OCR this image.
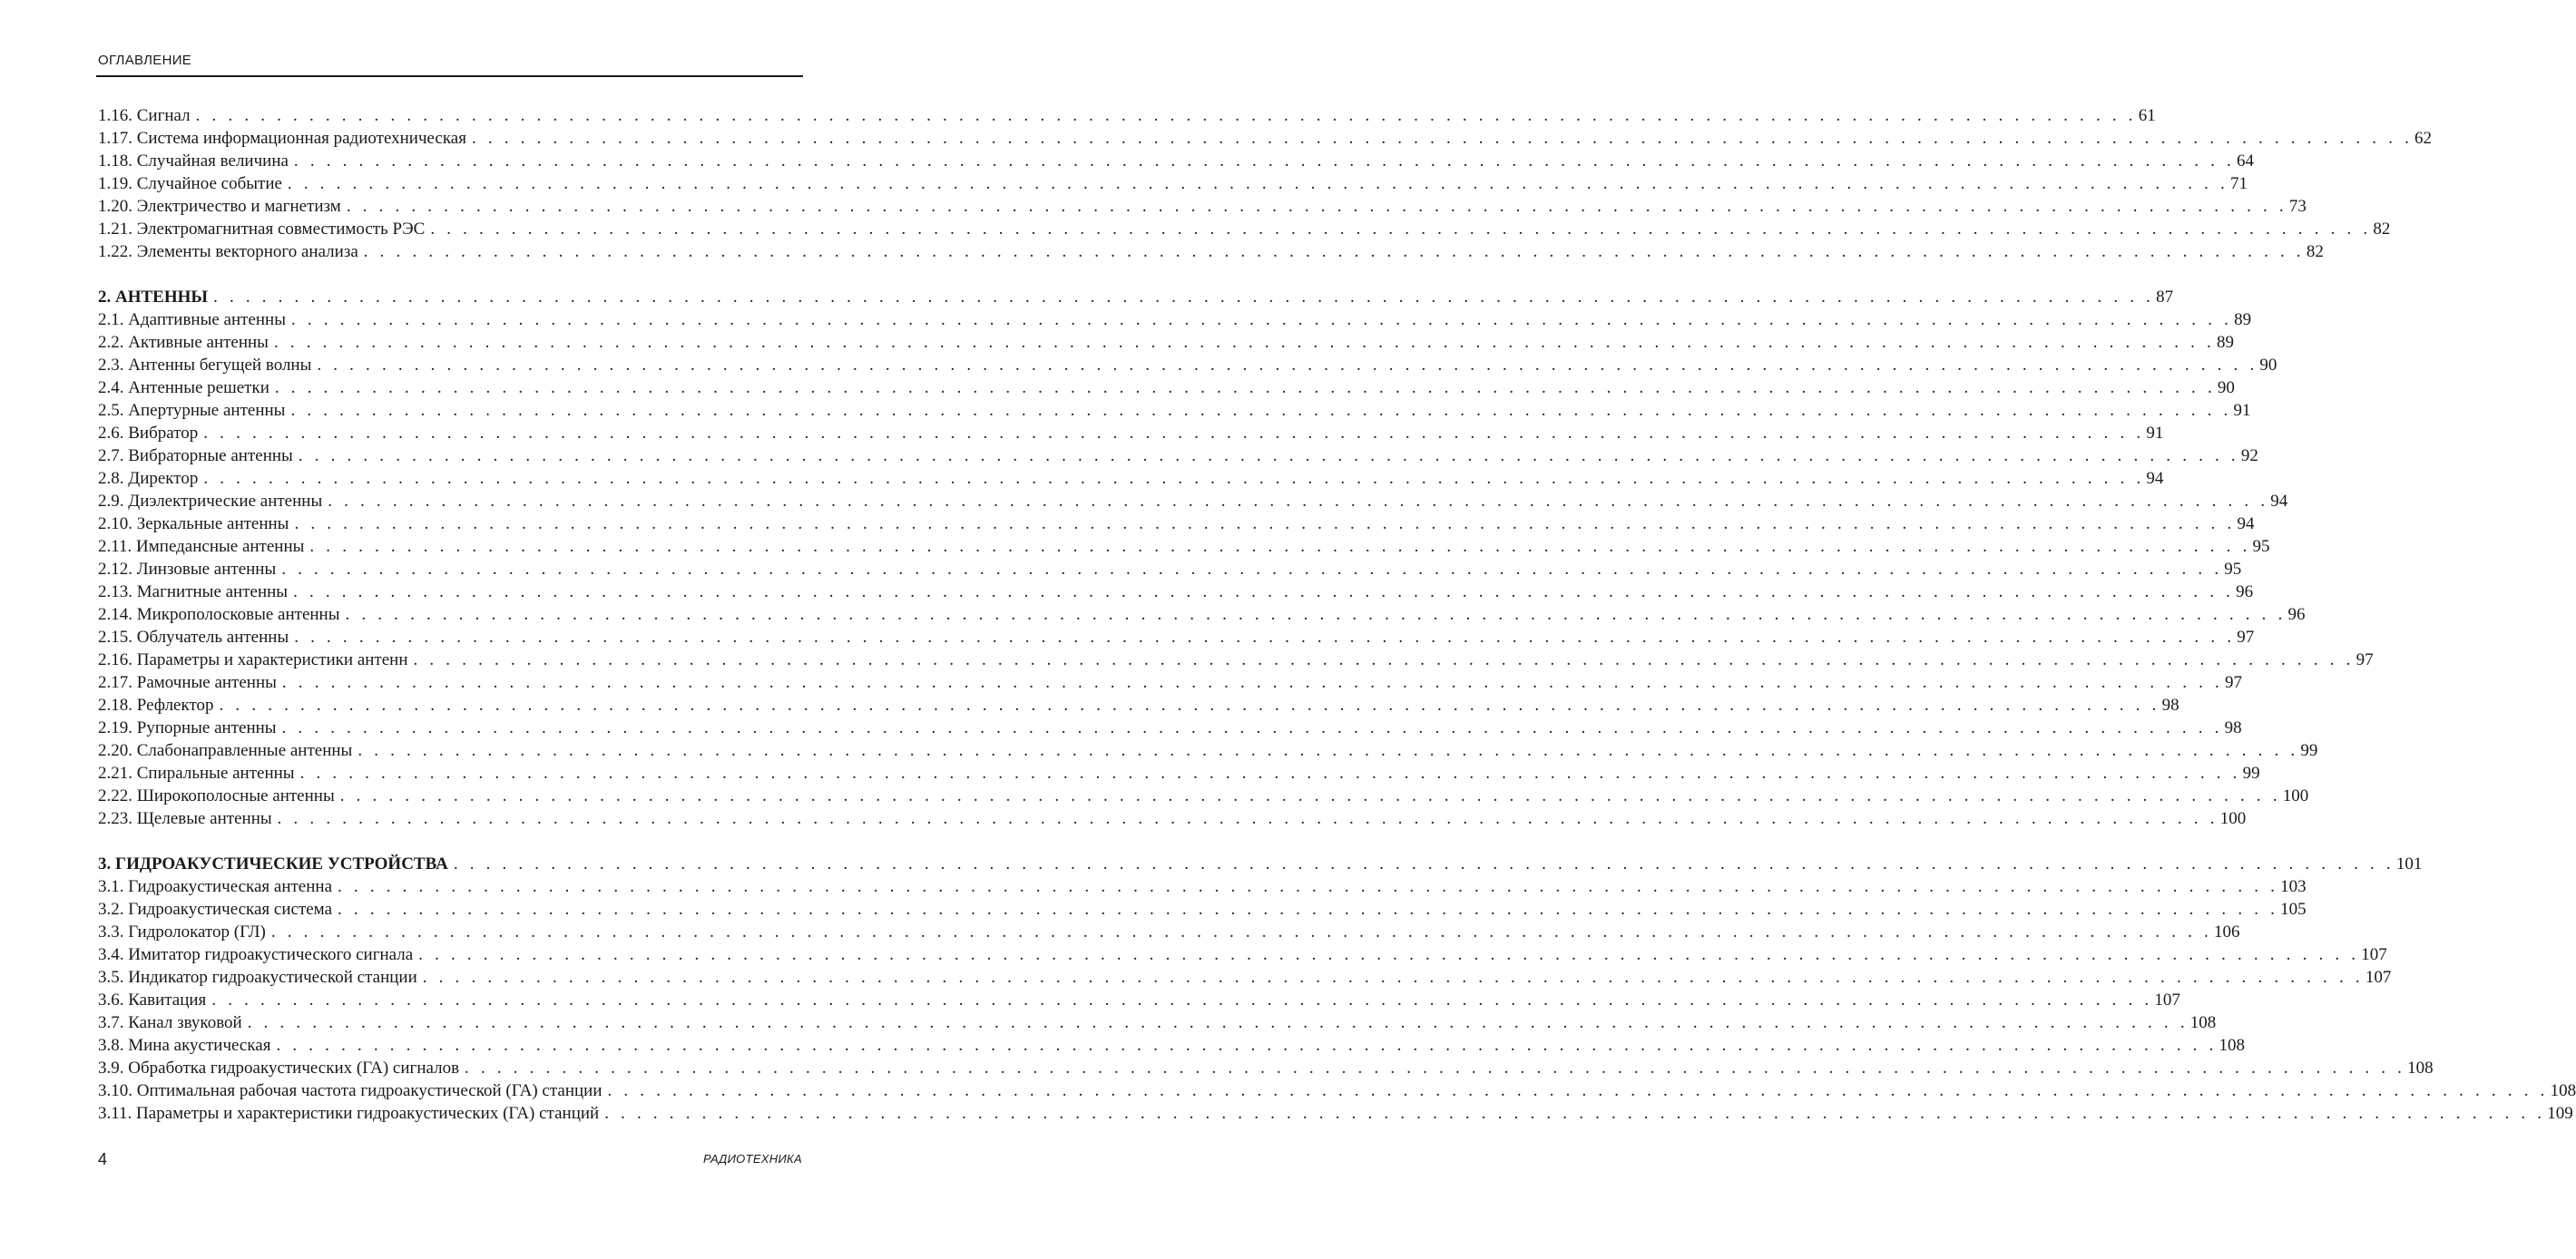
ОГЛАВЛЕНИЕ
1.16. Сигнал . . . . . . . . . . . . . . . . . . . . . . . . . . . . . . . . . . . . . . . . . . . . . . . . . . . . . . . . . . . . . . . . . . . . . . . . . . . . . . . . . . . . . . . . . . . . . . . . . . . . . . . . . . . . . . . . . . . . . . . . 61
1.17. Система информационная радиотехническая . . . . . . . . . . . . . . . . . . . . . . . . . . . . . . . . . . . . . . . . . . . . . . . . . . . . . . . . . . . . . . . . . . . . . . . . . . . . . . . . . . . . . . . . . . . . . . . . . . . . . . . . . . . . . . . . . . . . . . . . 62
1.18. Случайная величина . . . . . . . . . . . . . . . . . . . . . . . . . . . . . . . . . . . . . . . . . . . . . . . . . . . . . . . . . . . . . . . . . . . . . . . . . . . . . . . . . . . . . . . . . . . . . . . . . . . . . . . . . . . . . . . . . . . . . . . . 64
1.19. Случайное событие . . . . . . . . . . . . . . . . . . . . . . . . . . . . . . . . . . . . . . . . . . . . . . . . . . . . . . . . . . . . . . . . . . . . . . . . . . . . . . . . . . . . . . . . . . . . . . . . . . . . . . . . . . . . . . . . . . . . . . . . 71
1.20. Электричество и магнетизм . . . . . . . . . . . . . . . . . . . . . . . . . . . . . . . . . . . . . . . . . . . . . . . . . . . . . . . . . . . . . . . . . . . . . . . . . . . . . . . . . . . . . . . . . . . . . . . . . . . . . . . . . . . . . . . . . . . . . . . . 73
1.21. Электромагнитная совместимость РЭС . . . . . . . . . . . . . . . . . . . . . . . . . . . . . . . . . . . . . . . . . . . . . . . . . . . . . . . . . . . . . . . . . . . . . . . . . . . . . . . . . . . . . . . . . . . . . . . . . . . . . . . . . . . . . . . . . . . . . . . . 82
1.22. Элементы векторного анализа . . . . . . . . . . . . . . . . . . . . . . . . . . . . . . . . . . . . . . . . . . . . . . . . . . . . . . . . . . . . . . . . . . . . . . . . . . . . . . . . . . . . . . . . . . . . . . . . . . . . . . . . . . . . . . . . . . . . . . . . 82
2. АНТЕННЫ . . . . . . . . . . . . . . . . . . . . . . . . . . . . . . . . . . . . . . . . . . . . . . . . . . . . . . . . . . . . . . . . . . . . . . . . . . . . . . . . . . . . . . . . . . . . . . . . . . . . . . . . . . . . . . . . . . . . . . . . 87
2.1. Адаптивные антенны . . . . . . . . . . . . . . . . . . . . . . . . . . . . . . . . . . . . . . . . . . . . . . . . . . . . . . . . . . . . . . . . . . . . . . . . . . . . . . . . . . . . . . . . . . . . . . . . . . . . . . . . . . . . . . . . . . . . . . . . 89
2.2. Активные антенны . . . . . . . . . . . . . . . . . . . . . . . . . . . . . . . . . . . . . . . . . . . . . . . . . . . . . . . . . . . . . . . . . . . . . . . . . . . . . . . . . . . . . . . . . . . . . . . . . . . . . . . . . . . . . . . . . . . . . . . . 89
2.3. Антенны бегущей волны . . . . . . . . . . . . . . . . . . . . . . . . . . . . . . . . . . . . . . . . . . . . . . . . . . . . . . . . . . . . . . . . . . . . . . . . . . . . . . . . . . . . . . . . . . . . . . . . . . . . . . . . . . . . . . . . . . . . . . . . 90
2.4. Антенные решетки . . . . . . . . . . . . . . . . . . . . . . . . . . . . . . . . . . . . . . . . . . . . . . . . . . . . . . . . . . . . . . . . . . . . . . . . . . . . . . . . . . . . . . . . . . . . . . . . . . . . . . . . . . . . . . . . . . . . . . . . 90
2.5. Апертурные антенны . . . . . . . . . . . . . . . . . . . . . . . . . . . . . . . . . . . . . . . . . . . . . . . . . . . . . . . . . . . . . . . . . . . . . . . . . . . . . . . . . . . . . . . . . . . . . . . . . . . . . . . . . . . . . . . . . . . . . . . . 91
2.6. Вибратор . . . . . . . . . . . . . . . . . . . . . . . . . . . . . . . . . . . . . . . . . . . . . . . . . . . . . . . . . . . . . . . . . . . . . . . . . . . . . . . . . . . . . . . . . . . . . . . . . . . . . . . . . . . . . . . . . . . . . . . . 91
2.7. Вибраторные антенны . . . . . . . . . . . . . . . . . . . . . . . . . . . . . . . . . . . . . . . . . . . . . . . . . . . . . . . . . . . . . . . . . . . . . . . . . . . . . . . . . . . . . . . . . . . . . . . . . . . . . . . . . . . . . . . . . . . . . . . . 92
2.8. Директор . . . . . . . . . . . . . . . . . . . . . . . . . . . . . . . . . . . . . . . . . . . . . . . . . . . . . . . . . . . . . . . . . . . . . . . . . . . . . . . . . . . . . . . . . . . . . . . . . . . . . . . . . . . . . . . . . . . . . . . . 94
2.9. Диэлектрические антенны . . . . . . . . . . . . . . . . . . . . . . . . . . . . . . . . . . . . . . . . . . . . . . . . . . . . . . . . . . . . . . . . . . . . . . . . . . . . . . . . . . . . . . . . . . . . . . . . . . . . . . . . . . . . . . . . . . . . . . . . 94
2.10. Зеркальные антенны . . . . . . . . . . . . . . . . . . . . . . . . . . . . . . . . . . . . . . . . . . . . . . . . . . . . . . . . . . . . . . . . . . . . . . . . . . . . . . . . . . . . . . . . . . . . . . . . . . . . . . . . . . . . . . . . . . . . . . . . 94
2.11. Импедансные антенны . . . . . . . . . . . . . . . . . . . . . . . . . . . . . . . . . . . . . . . . . . . . . . . . . . . . . . . . . . . . . . . . . . . . . . . . . . . . . . . . . . . . . . . . . . . . . . . . . . . . . . . . . . . . . . . . . . . . . . . . 95
2.12. Линзовые антенны . . . . . . . . . . . . . . . . . . . . . . . . . . . . . . . . . . . . . . . . . . . . . . . . . . . . . . . . . . . . . . . . . . . . . . . . . . . . . . . . . . . . . . . . . . . . . . . . . . . . . . . . . . . . . . . . . . . . . . . . 95
2.13. Магнитные антенны . . . . . . . . . . . . . . . . . . . . . . . . . . . . . . . . . . . . . . . . . . . . . . . . . . . . . . . . . . . . . . . . . . . . . . . . . . . . . . . . . . . . . . . . . . . . . . . . . . . . . . . . . . . . . . . . . . . . . . . . 96
2.14. Микрополосковые антенны . . . . . . . . . . . . . . . . . . . . . . . . . . . . . . . . . . . . . . . . . . . . . . . . . . . . . . . . . . . . . . . . . . . . . . . . . . . . . . . . . . . . . . . . . . . . . . . . . . . . . . . . . . . . . . . . . . . . . . . . 96
2.15. Облучатель антенны . . . . . . . . . . . . . . . . . . . . . . . . . . . . . . . . . . . . . . . . . . . . . . . . . . . . . . . . . . . . . . . . . . . . . . . . . . . . . . . . . . . . . . . . . . . . . . . . . . . . . . . . . . . . . . . . . . . . . . . . 97
2.16. Параметры и характеристики антенн . . . . . . . . . . . . . . . . . . . . . . . . . . . . . . . . . . . . . . . . . . . . . . . . . . . . . . . . . . . . . . . . . . . . . . . . . . . . . . . . . . . . . . . . . . . . . . . . . . . . . . . . . . . . . . . . . . . . . . . . 97
2.17. Рамочные антенны . . . . . . . . . . . . . . . . . . . . . . . . . . . . . . . . . . . . . . . . . . . . . . . . . . . . . . . . . . . . . . . . . . . . . . . . . . . . . . . . . . . . . . . . . . . . . . . . . . . . . . . . . . . . . . . . . . . . . . . . 97
2.18. Рефлектор . . . . . . . . . . . . . . . . . . . . . . . . . . . . . . . . . . . . . . . . . . . . . . . . . . . . . . . . . . . . . . . . . . . . . . . . . . . . . . . . . . . . . . . . . . . . . . . . . . . . . . . . . . . . . . . . . . . . . . . . 98
2.19. Рупорные антенны . . . . . . . . . . . . . . . . . . . . . . . . . . . . . . . . . . . . . . . . . . . . . . . . . . . . . . . . . . . . . . . . . . . . . . . . . . . . . . . . . . . . . . . . . . . . . . . . . . . . . . . . . . . . . . . . . . . . . . . . 98
2.20. Слабонаправленные антенны . . . . . . . . . . . . . . . . . . . . . . . . . . . . . . . . . . . . . . . . . . . . . . . . . . . . . . . . . . . . . . . . . . . . . . . . . . . . . . . . . . . . . . . . . . . . . . . . . . . . . . . . . . . . . . . . . . . . . . . . 99
2.21. Спиральные антенны . . . . . . . . . . . . . . . . . . . . . . . . . . . . . . . . . . . . . . . . . . . . . . . . . . . . . . . . . . . . . . . . . . . . . . . . . . . . . . . . . . . . . . . . . . . . . . . . . . . . . . . . . . . . . . . . . . . . . . . . 99
2.22. Широкополосные антенны . . . . . . . . . . . . . . . . . . . . . . . . . . . . . . . . . . . . . . . . . . . . . . . . . . . . . . . . . . . . . . . . . . . . . . . . . . . . . . . . . . . . . . . . . . . . . . . . . . . . . . . . . . . . . . . . . . . . . . . . 100
2.23. Щелевые антенны . . . . . . . . . . . . . . . . . . . . . . . . . . . . . . . . . . . . . . . . . . . . . . . . . . . . . . . . . . . . . . . . . . . . . . . . . . . . . . . . . . . . . . . . . . . . . . . . . . . . . . . . . . . . . . . . . . . . . . . . 100
3. ГИДРОАКУСТИЧЕСКИЕ УСТРОЙСТВА . . . . . . . . . . . . . . . . . . . . . . . . . . . . . . . . . . . . . . . . . . . . . . . . . . . . . . . . . . . . . . . . . . . . . . . . . . . . . . . . . . . . . . . . . . . . . . . . . . . . . . . . . . . . . . . . . . . . . . . . 101
3.1. Гидроакустическая антенна . . . . . . . . . . . . . . . . . . . . . . . . . . . . . . . . . . . . . . . . . . . . . . . . . . . . . . . . . . . . . . . . . . . . . . . . . . . . . . . . . . . . . . . . . . . . . . . . . . . . . . . . . . . . . . . . . . . . . . . . 103
3.2. Гидроакустическая система . . . . . . . . . . . . . . . . . . . . . . . . . . . . . . . . . . . . . . . . . . . . . . . . . . . . . . . . . . . . . . . . . . . . . . . . . . . . . . . . . . . . . . . . . . . . . . . . . . . . . . . . . . . . . . . . . . . . . . . . 105
3.3. Гидролокатор (ГЛ) . . . . . . . . . . . . . . . . . . . . . . . . . . . . . . . . . . . . . . . . . . . . . . . . . . . . . . . . . . . . . . . . . . . . . . . . . . . . . . . . . . . . . . . . . . . . . . . . . . . . . . . . . . . . . . . . . . . . . . . . 106
3.4. Имитатор гидроакустического сигнала . . . . . . . . . . . . . . . . . . . . . . . . . . . . . . . . . . . . . . . . . . . . . . . . . . . . . . . . . . . . . . . . . . . . . . . . . . . . . . . . . . . . . . . . . . . . . . . . . . . . . . . . . . . . . . . . . . . . . . . . 107
3.5. Индикатор гидроакустической станции . . . . . . . . . . . . . . . . . . . . . . . . . . . . . . . . . . . . . . . . . . . . . . . . . . . . . . . . . . . . . . . . . . . . . . . . . . . . . . . . . . . . . . . . . . . . . . . . . . . . . . . . . . . . . . . . . . . . . . . . 107
3.6. Кавитация . . . . . . . . . . . . . . . . . . . . . . . . . . . . . . . . . . . . . . . . . . . . . . . . . . . . . . . . . . . . . . . . . . . . . . . . . . . . . . . . . . . . . . . . . . . . . . . . . . . . . . . . . . . . . . . . . . . . . . . . 107
3.7. Канал звуковой . . . . . . . . . . . . . . . . . . . . . . . . . . . . . . . . . . . . . . . . . . . . . . . . . . . . . . . . . . . . . . . . . . . . . . . . . . . . . . . . . . . . . . . . . . . . . . . . . . . . . . . . . . . . . . . . . . . . . . . . 108
3.8. Мина акустическая . . . . . . . . . . . . . . . . . . . . . . . . . . . . . . . . . . . . . . . . . . . . . . . . . . . . . . . . . . . . . . . . . . . . . . . . . . . . . . . . . . . . . . . . . . . . . . . . . . . . . . . . . . . . . . . . . . . . . . . . 108
3.9. Обработка гидроакустических (ГА) сигналов . . . . . . . . . . . . . . . . . . . . . . . . . . . . . . . . . . . . . . . . . . . . . . . . . . . . . . . . . . . . . . . . . . . . . . . . . . . . . . . . . . . . . . . . . . . . . . . . . . . . . . . . . . . . . . . . . . . . . . . . 108
3.10. Оптимальная рабочая частота гидроакустической (ГА) станции . . . . . . . . . . . . . . . . . . . . . . . . . . . . . . . . . . . . . . . . . . . . . . . . . . . . . . . . . . . . . . . . . . . . . . . . . . . . . . . . . . . . . . . . . . . . . . . . . . . . . . . . . . . . . . . . . . . . . . . . 108
3.11. Параметры и характеристики гидроакустических (ГА) станций . . . . . . . . . . . . . . . . . . . . . . . . . . . . . . . . . . . . . . . . . . . . . . . . . . . . . . . . . . . . . . . . . . . . . . . . . . . . . . . . . . . . . . . . . . . . . . . . . . . . . . . . . . . . . . . . . . . . . . . . 109
4	РАДИОТЕХНИКА
